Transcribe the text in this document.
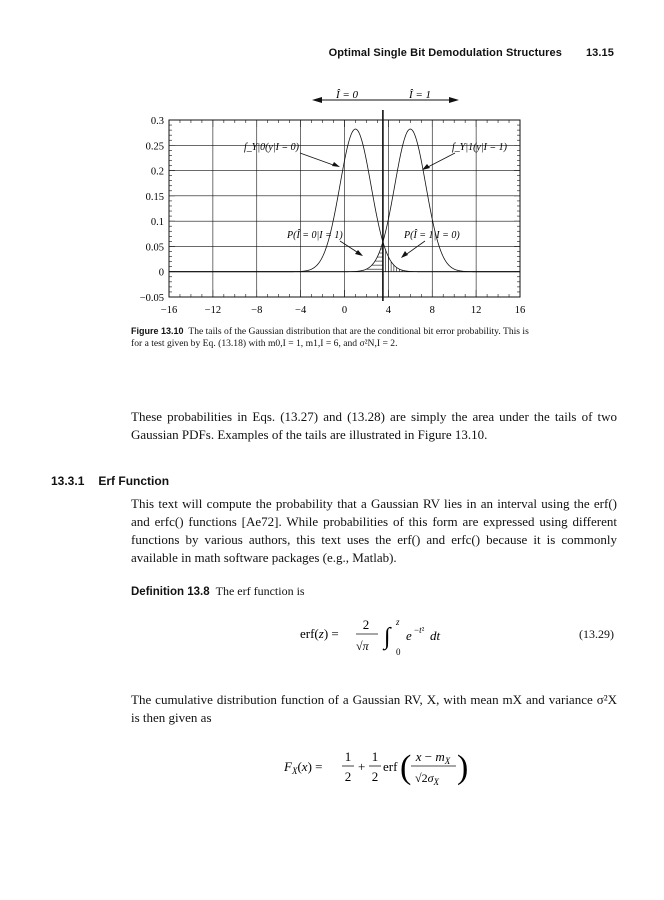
Optimal Single Bit Demodulation Structures 13.15
0.3
0.25
0.2
0.15
0.1
0.05
0
−0.05
−16	−12	−8	−4	0	4	8	12	16
Î = 0	Î = 1
f_Y|0(y|I = 0)	f_Y|1(y|I = 1)
P(Î = 0|I = 1)	P(Î = 1|I = 0)
Figure 13.10 The tails of the Gaussian distribution that are the conditional bit error probability. This is for a test given by Eq. (13.18) with m0,I = 1, m1,I = 6, and σ²N,I = 2.
These probabilities in Eqs. (13.27) and (13.28) are simply the area under the tails of two Gaussian PDFs. Examples of the tails are illustrated in Figure 13.10.
13.3.1 Erf Function
This text will compute the probability that a Gaussian RV lies in an interval using the erf() and erfc() functions [Ae72]. While probabilities of this form are expressed using different functions by various authors, this text uses the erf() and erfc() because it is commonly available in math software packages (e.g., Matlab).
Definition 13.8 The erf function is
erf(z) =
2
√π ∫
z
0
e −t² dt	(13.29)
The cumulative distribution function of a Gaussian RV, X, with mean mX and variance σ²X is then given as
$F_X(x)$ =
1
2
+
1
2
erf ( $x - m_X$
$√2\sigma_X$ )
